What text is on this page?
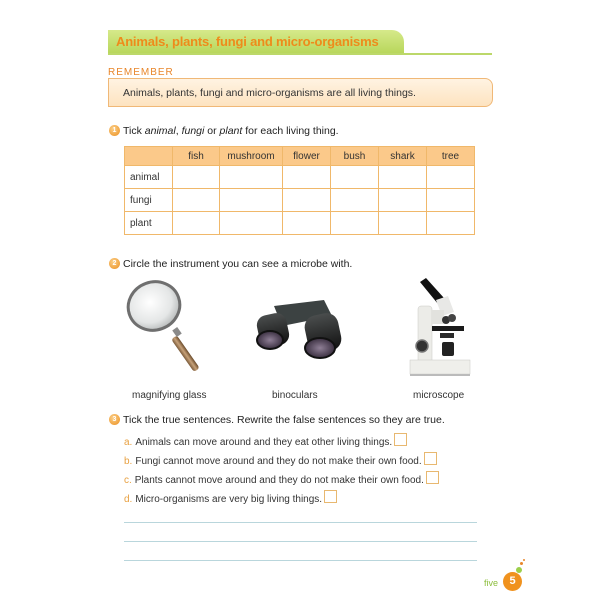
Animals, plants, fungi and micro-organisms
REMEMBER
Animals, plants, fungi and micro-organisms are all living things.
1 Tick animal, fungi or plant for each living thing.
	fish	mushroom	flower	bush	shark	tree
animal						
fungi						
plant						
2 Circle the instrument you can see a microbe with.
magnifying glass	binoculars	microscope
3 Tick the true sentences. Rewrite the false sentences so they are true.
a. Animals can move around and they eat other living things.
b. Fungi cannot move around and they do not make their own food.
c. Plants cannot move around and they do not make their own food.
d. Micro-organisms are very big living things.
five	5
